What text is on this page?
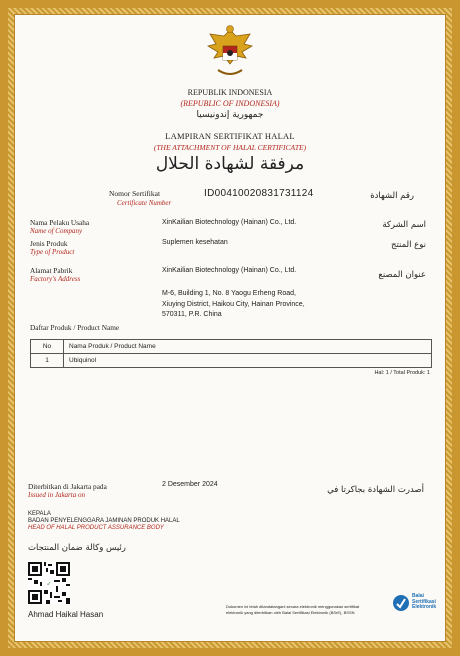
REPUBLIK INDONESIA
(REPUBLIC OF INDONESIA)
جمهورية إندونيسيا
LAMPIRAN SERTIFIKAT HALAL
(THE ATTACHMENT OF HALAL CERTIFICATE)
مرفقة لشهادة الحلال
Nomor Sertifikat
Certificate Number
ID00410020831731124	رقم الشهادة
Nama Pelaku Usaha
Name of Company
XinKailian Biotechnology (Hainan) Co., Ltd.	اسم الشركة
Jenis Produk
Type of Product
Suplemen kesehatan	نوع المنتج
Alamat Pabrik
Factory's Address
XinKailian Biotechnology (Hainan) Co., Ltd.	عنوان المصنع
M-6, Building 1, No. 8 Yaogu Erheng Road,
Xiuying District, Haikou City, Hainan Province,
570311, P.R. China
Daftar Produk / Product Name
No	Nama Produk / Product Name
1	Ubiquinol
Hal: 1 / Total Produk: 1
Diterbitkan di Jakarta pada
Issued in Jakarta on
2 Desember 2024
أصدرت الشهادة بجاكرتا في
KEPALA
BADAN PENYELENGGARA JAMINAN PRODUK HALAL
HEAD OF HALAL PRODUCT ASSURANCE BODY
رئيس وكالة ضمان المنتجات
✓
Ahmad Haikal Hasan
Dokumen ini telah ditandatangani secara elektronik menggunakan sertifikat
elektronik yang diterbitkan oleh Balai Sertifikasi Elektronik (BSrE), BSSN
Balai
Sertifikasi
Elektronik
